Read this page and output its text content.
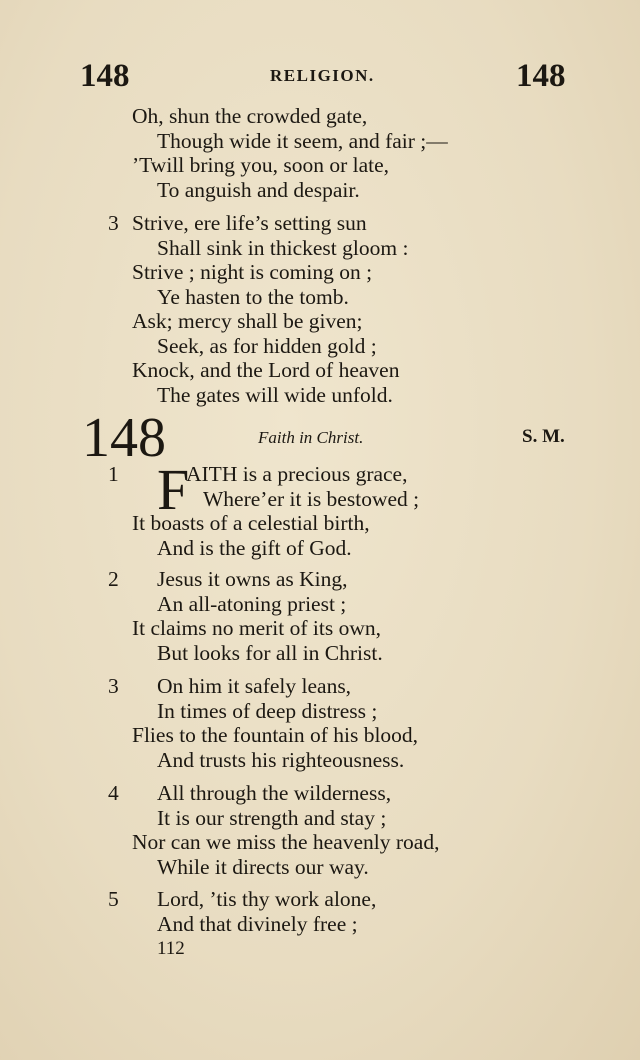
148	RELIGION.	148
Oh, shun the crowded gate,
Though wide it seem, and fair ;—
’Twill bring you, soon or late,
To anguish and despair.
3 Strive, ere life’s setting sun
Shall sink in thickest gloom :
Strive ; night is coming on ;
Ye hasten to the tomb.
Ask; mercy shall be given;
Seek, as for hidden gold ;
Knock, and the Lord of heaven
The gates will wide unfold.
148	Faith in Christ.	S. M.
F
1	AITH is a precious grace,
Where’er it is bestowed ;
It boasts of a celestial birth,
And is the gift of God.
2 Jesus it owns as King,
An all-atoning priest ;
It claims no merit of its own,
But looks for all in Christ.
3 On him it safely leans,
In times of deep distress ;
Flies to the fountain of his blood,
And trusts his righteousness.
4 All through the wilderness,
It is our strength and stay ;
Nor can we miss the heavenly road,
While it directs our way.
5 Lord, ’tis thy work alone,
And that divinely free ;
112
